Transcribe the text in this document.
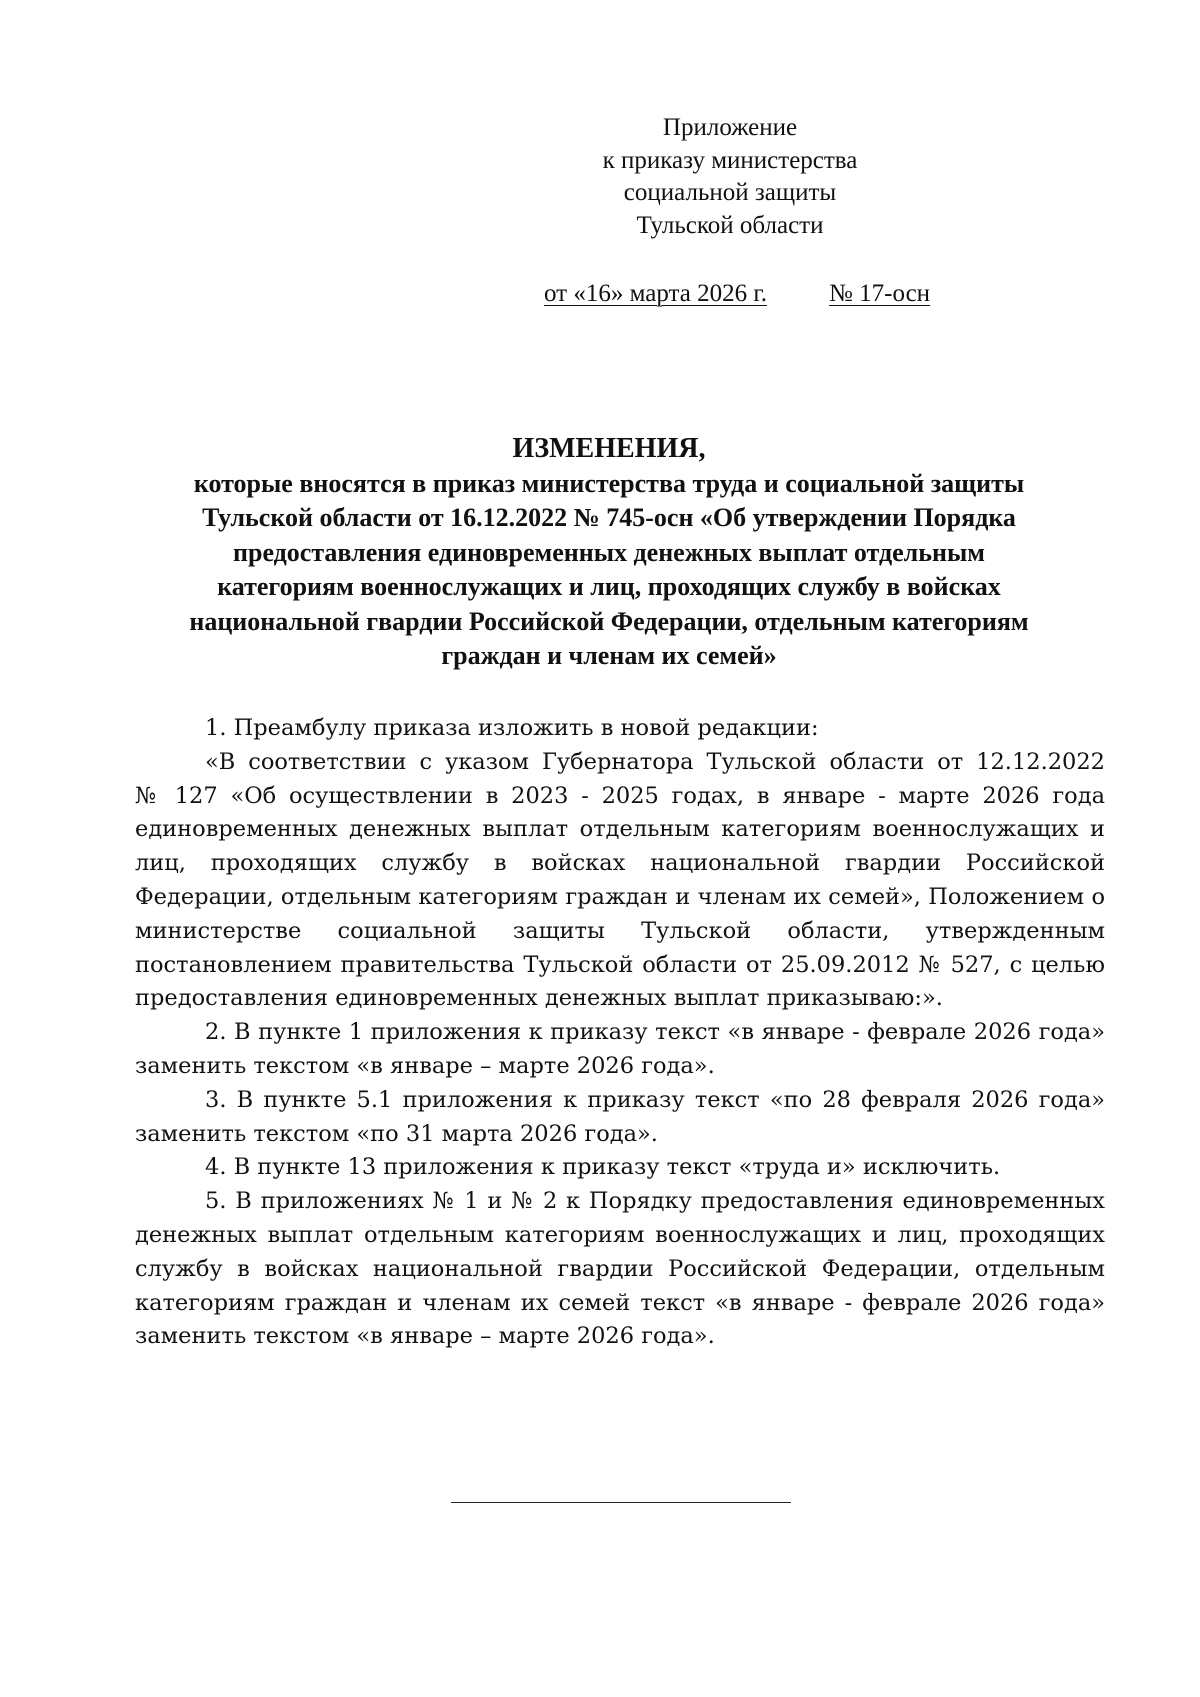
Приложение
к приказу министерства
социальной защиты
Тульской области
от «16» марта 2026 г. № 17-осн
ИЗМЕНЕНИЯ,
которые вносятся в приказ министерства труда и социальной защиты
Тульской области от 16.12.2022 № 745-осн «Об утверждении Порядка
предоставления единовременных денежных выплат отдельным
категориям военнослужащих и лиц, проходящих службу в войсках
национальной гвардии Российской Федерации, отдельным категориям
граждан и членам их семей»
1. Преамбулу приказа изложить в новой редакции:
«В соответствии с указом Губернатора Тульской области от 12.12.2022
№ 127 «Об осуществлении в 2023 - 2025 годах, в январе - марте 2026 года
единовременных денежных выплат отдельным категориям военнослужащих и
лиц, проходящих службу в войсках национальной гвардии Российской
Федерации, отдельным категориям граждан и членам их семей», Положением о
министерстве социальной защиты Тульской области, утвержденным
постановлением правительства Тульской области от 25.09.2012 № 527, с целью
предоставления единовременных денежных выплат приказываю:».
2. В пункте 1 приложения к приказу текст «в январе - феврале 2026 года»
заменить текстом «в январе – марте 2026 года».
3. В пункте 5.1 приложения к приказу текст «по 28 февраля 2026 года»
заменить текстом «по 31 марта 2026 года».
4. В пункте 13 приложения к приказу текст «труда и» исключить.
5. В приложениях № 1 и № 2 к Порядку предоставления единовременных
денежных выплат отдельным категориям военнослужащих и лиц, проходящих
службу в войсках национальной гвардии Российской Федерации, отдельным
категориям граждан и членам их семей текст «в январе - феврале 2026 года»
заменить текстом «в январе – марте 2026 года».
